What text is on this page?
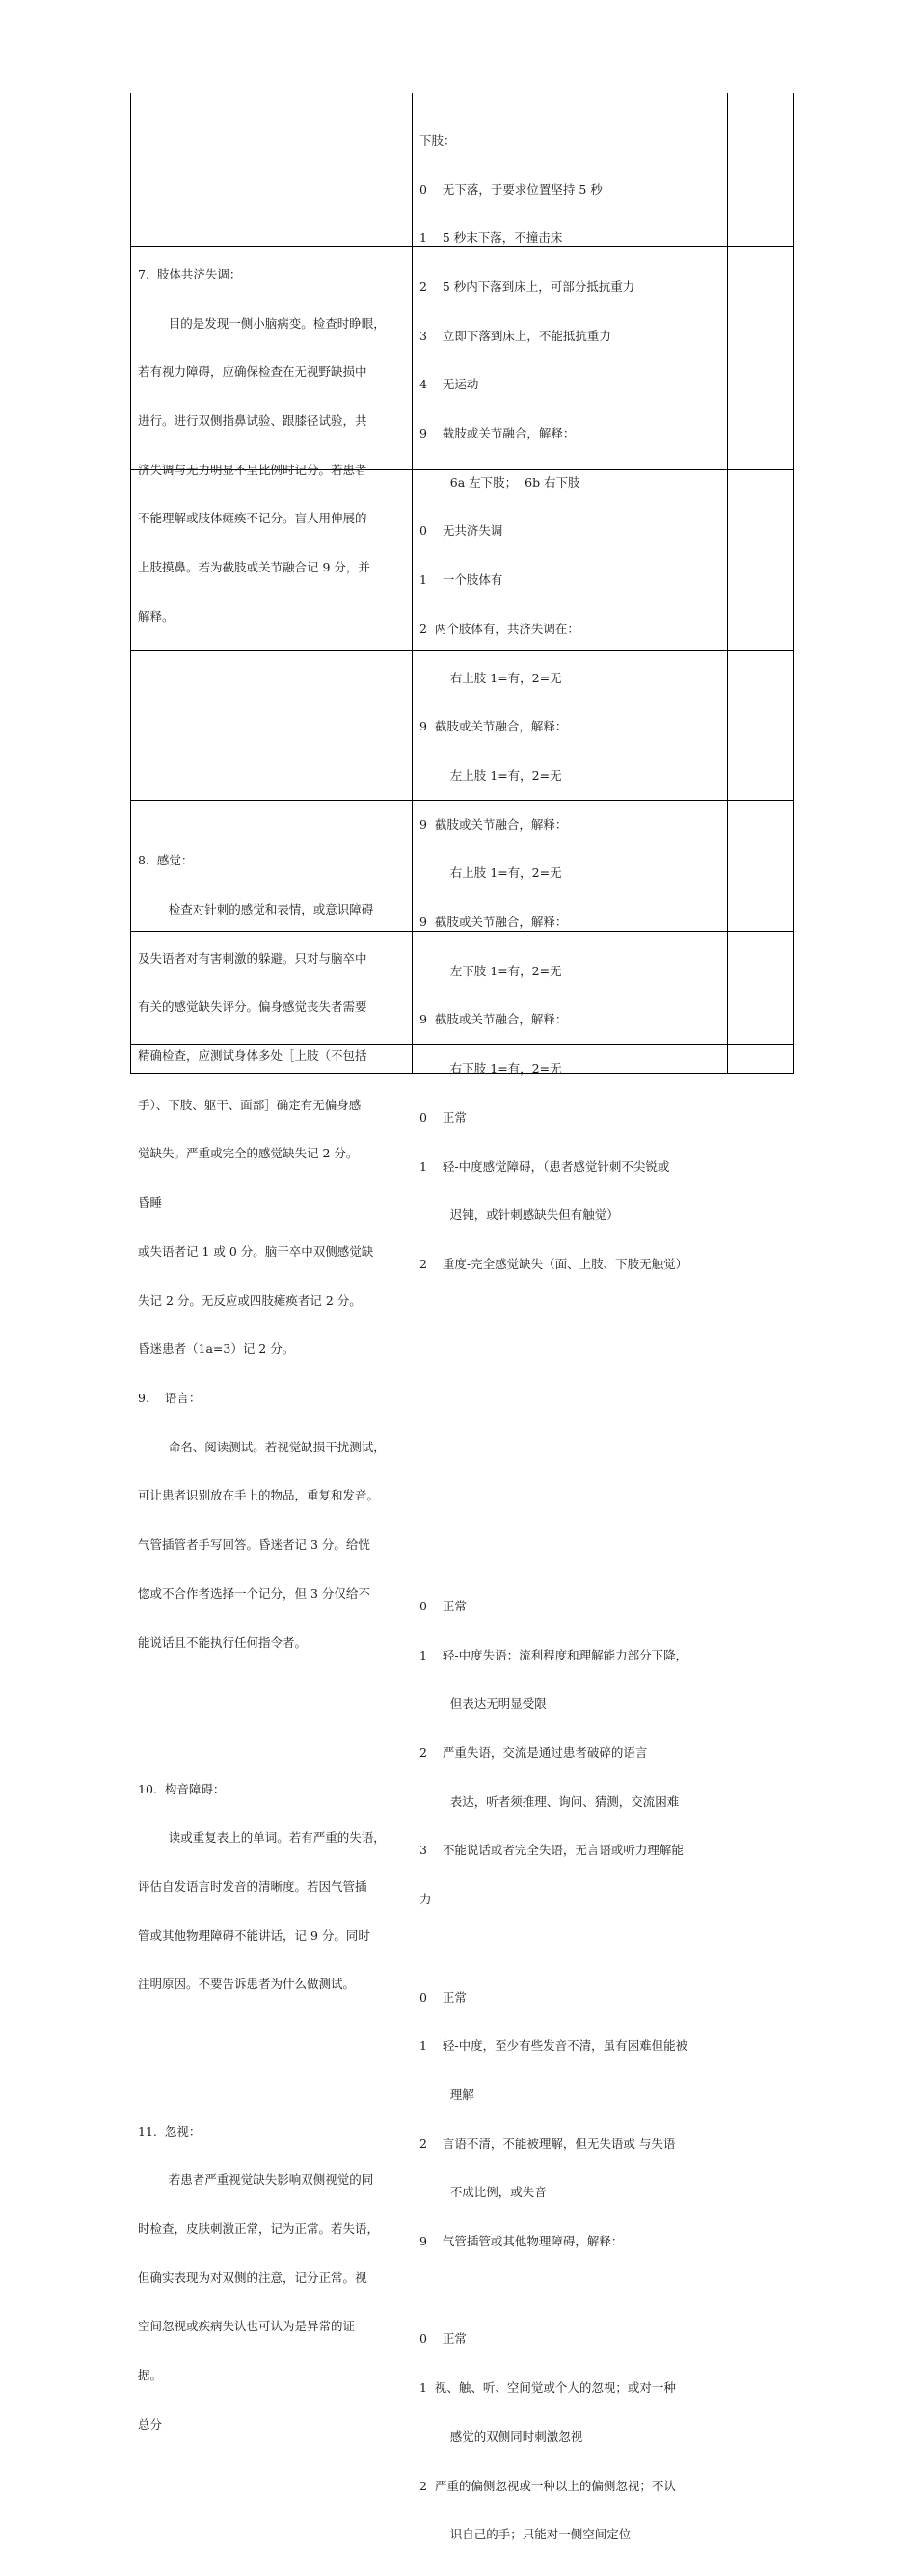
7.  肢体共济失调：

目的是发现一侧小脑病变。检查时睁眼，

若有视力障碍，应确保检查在无视野缺损中

进行。进行双侧指鼻试验、跟膝径试验，共

济失调与无力明显不呈比例时记分。若患者

不能理解或肢体瘫痪不记分。盲人用伸展的

上肢摸鼻。若为截肢或关节融合记 9 分，并

解释。

8.  感觉：

检查对针刺的感觉和表情，或意识障碍

及失语者对有害刺激的躲避。只对与脑卒中

有关的感觉缺失评分。偏身感觉丧失者需要

精确检查，应测试身体多处［上肢（不包括

手）、下肢、躯干、面部］确定有无偏身感

觉缺失。严重或完全的感觉缺失记 2 分。

昏睡

或失语者记 1 或 0 分。脑干卒中双侧感觉缺

失记 2 分。无反应或四肢瘫痪者记 2 分。

昏迷患者（1a=3）记 2 分。

9.    语言：

命名、阅读测试。若视觉缺损干扰测试，

可让患者识别放在手上的物品，重复和发音。

气管插管者手写回答。昏迷者记 3 分。给恍

惚或不合作者选择一个记分，但 3 分仅给不

能说话且不能执行任何指令者。

10.  构音障碍：

读或重复表上的单词。若有严重的失语，

评估自发语言时发音的清晰度。若因气管插

管或其他物理障碍不能讲话，记 9 分。同时

注明原因。不要告诉患者为什么做测试。

11.  忽视：

若患者严重视觉缺失影响双侧视觉的同

时检查，皮肤刺激正常，记为正常。若失语，

但确实表现为对双侧的注意，记分正常。视

空间忽视或疾病失认也可认为是异常的证

据。

总分

下肢：

0    无下落，于要求位置坚持 5 秒

1    5 秒末下落，不撞击床

2    5 秒内下落到床上，可部分抵抗重力

3    立即下落到床上，不能抵抗重力

4    无运动

9    截肢或关节融合，解释：

6a 左下肢；  6b 右下肢

0    无共济失调

1    一个肢体有

2  两个肢体有，共济失调在：

右上肢 1=有，2=无

9  截肢或关节融合，解释：

左上肢 1=有，2=无

9  截肢或关节融合，解释：

右上肢 1=有，2=无

9  截肢或关节融合，解释：

左下肢 1=有，2=无

9  截肢或关节融合，解释：

右下肢 1=有，2=无

0    正常

1    轻-中度感觉障碍，（患者感觉针刺不尖锐或

迟钝，或针刺感缺失但有触觉）

2    重度-完全感觉缺失（面、上肢、下肢无触觉）

0    正常

1    轻-中度失语：流利程度和理解能力部分下降，

但表达无明显受限

2    严重失语，交流是通过患者破碎的语言

表达，听者须推理、询问、猜测，交流困难

3    不能说话或者完全失语，无言语或听力理解能

力

0    正常

1    轻-中度，至少有些发音不清，虽有困难但能被

理解

2    言语不清，不能被理解，但无失语或 与失语

不成比例，或失音

9    气管插管或其他物理障碍，解释：

0    正常

1  视、触、听、空间觉或个人的忽视；或对一种

感觉的双侧同时刺激忽视

2  严重的偏侧忽视或一种以上的偏侧忽视；不认

识自己的手；只能对一侧空间定位
